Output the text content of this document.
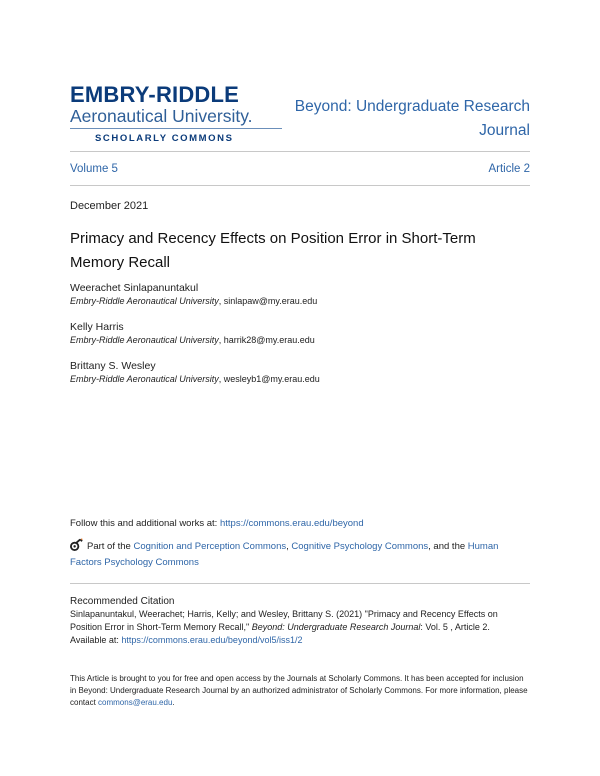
EMBRY-RIDDLE
Aeronautical University.
SCHOLARLY COMMONS
Beyond: Undergraduate Research Journal
Volume 5	Article 2
December 2021
Primacy and Recency Effects on Position Error in Short-Term Memory Recall
Weerachet Sinlapanuntakul
Embry-Riddle Aeronautical University, sinlapaw@my.erau.edu
Kelly Harris
Embry-Riddle Aeronautical University, harrik28@my.erau.edu
Brittany S. Wesley
Embry-Riddle Aeronautical University, wesleyb1@my.erau.edu
Follow this and additional works at: https://commons.erau.edu/beyond
Part of the Cognition and Perception Commons, Cognitive Psychology Commons, and the Human Factors Psychology Commons
Recommended Citation
Sinlapanuntakul, Weerachet; Harris, Kelly; and Wesley, Brittany S. (2021) "Primacy and Recency Effects on Position Error in Short-Term Memory Recall," Beyond: Undergraduate Research Journal: Vol. 5 , Article 2.
Available at: https://commons.erau.edu/beyond/vol5/iss1/2
This Article is brought to you for free and open access by the Journals at Scholarly Commons. It has been accepted for inclusion in Beyond: Undergraduate Research Journal by an authorized administrator of Scholarly Commons. For more information, please contact commons@erau.edu.
